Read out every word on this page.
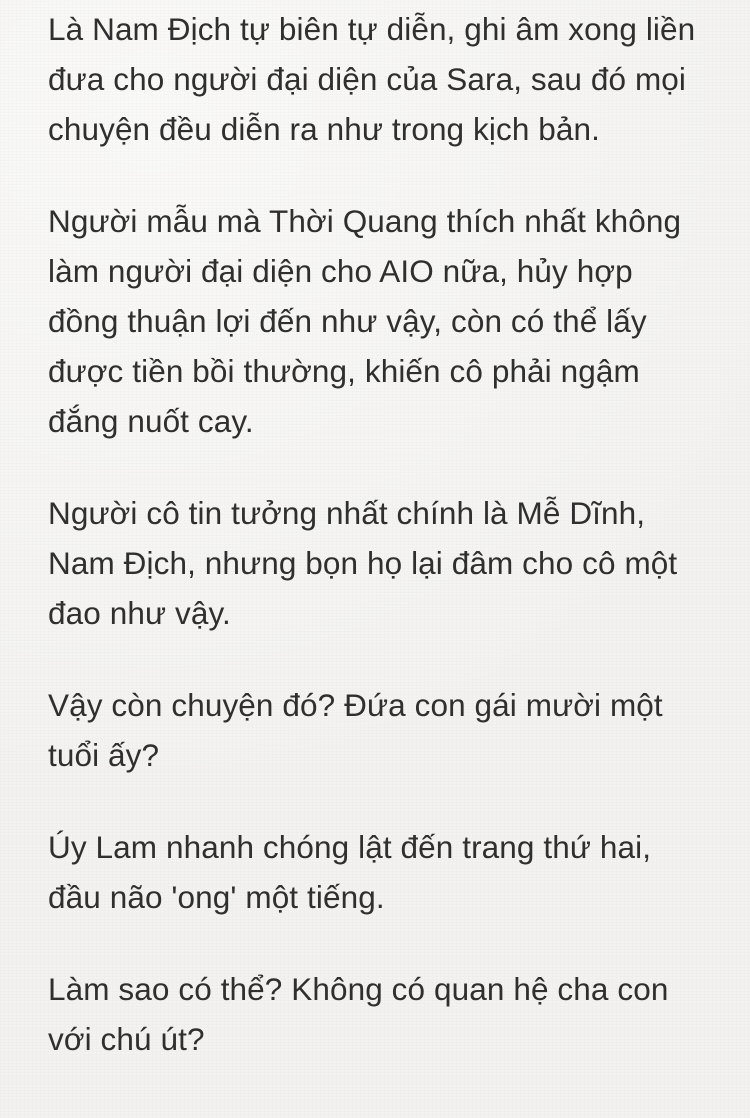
Là Nam Địch tự biên tự diễn, ghi âm xong liền đưa cho người đại diện của Sara, sau đó mọi chuyện đều diễn ra như trong kịch bản.

Người mẫu mà Thời Quang thích nhất không làm người đại diện cho AIO nữa, hủy hợp đồng thuận lợi đến như vậy, còn có thể lấy được tiền bồi thường, khiến cô phải ngậm đắng nuốt cay.

Người cô tin tưởng nhất chính là Mễ Dĩnh, Nam Địch, nhưng bọn họ lại đâm cho cô một đao như vậy.

Vậy còn chuyện đó? Đứa con gái mười một tuổi ấy?

Úy Lam nhanh chóng lật đến trang thứ hai, đầu não 'ong' một tiếng.

Làm sao có thể? Không có quan hệ cha con với chú út?
